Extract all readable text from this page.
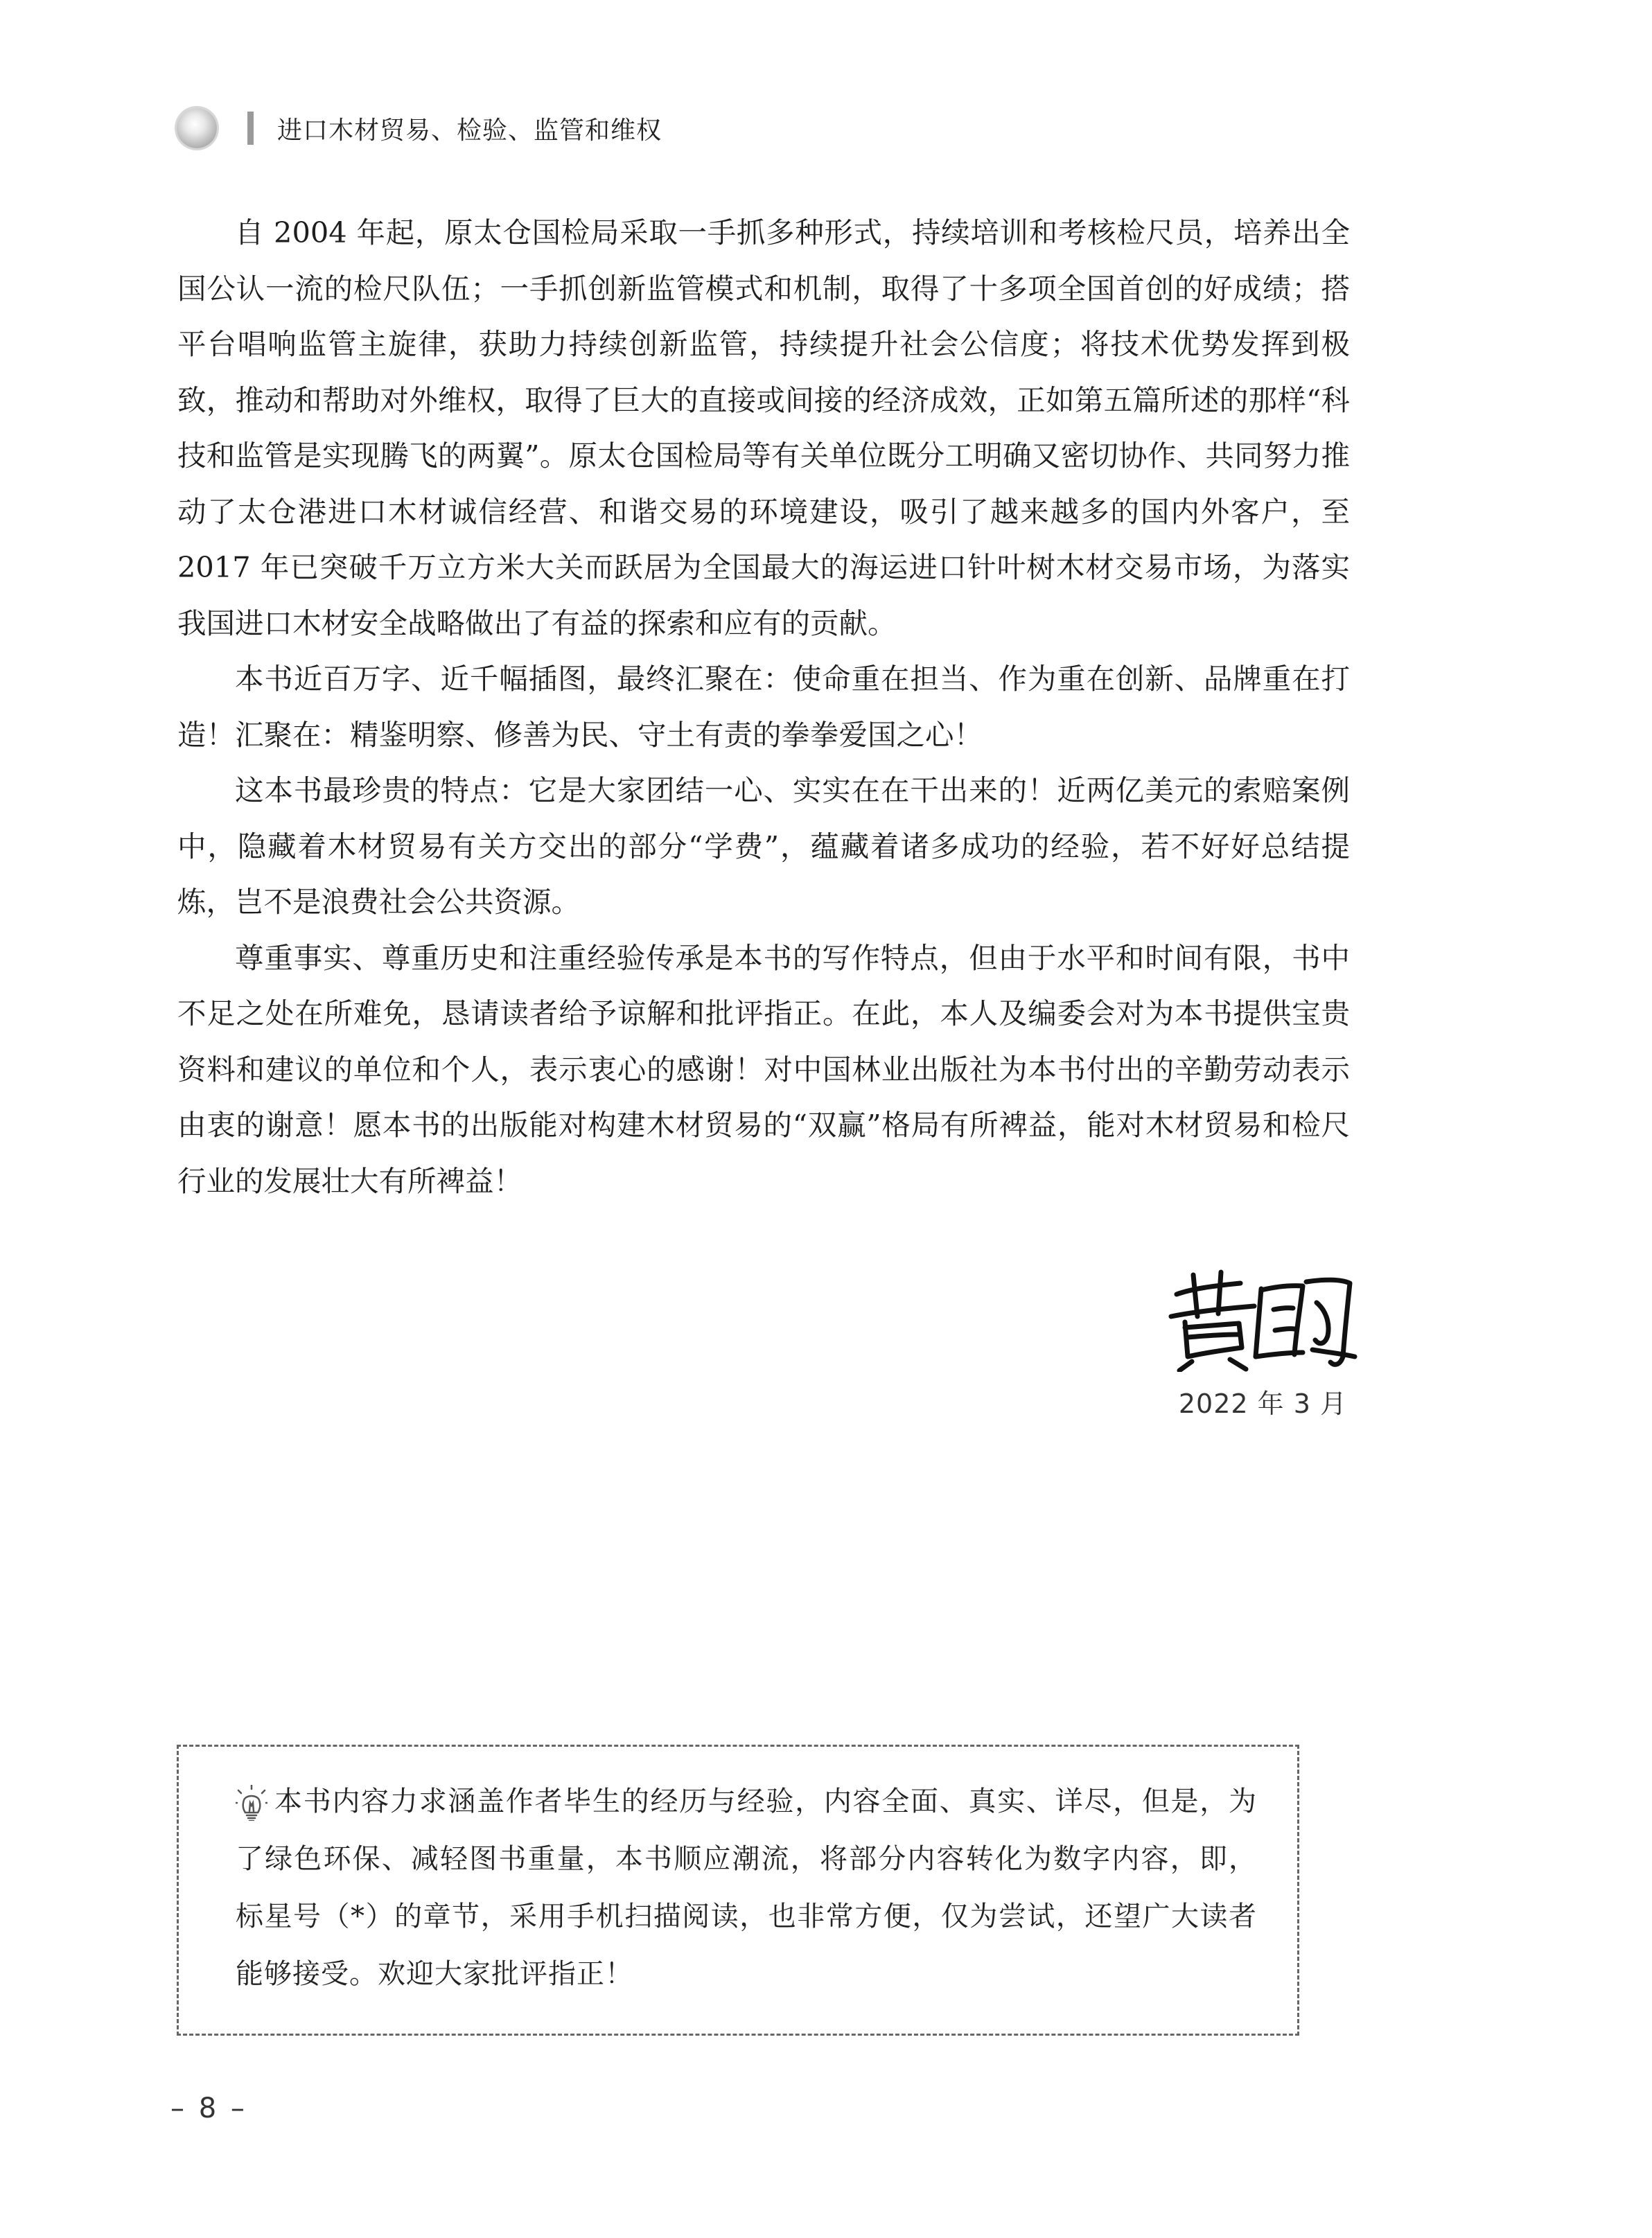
进口木材贸易、检验、监管和维权

自 2004 年起，原太仓国检局采取一手抓多种形式，持续培训和考核检尺员，培养出全国公认一流的检尺队伍；一手抓创新监管模式和机制，取得了十多项全国首创的好成绩；搭平台唱响监管主旋律，获助力持续创新监管，持续提升社会公信度；将技术优势发挥到极致，推动和帮助对外维权，取得了巨大的直接或间接的经济成效，正如第五篇所述的那样“科技和监管是实现腾飞的两翼”。原太仓国检局等有关单位既分工明确又密切协作、共同努力推动了太仓港进口木材诚信经营、和谐交易的环境建设，吸引了越来越多的国内外客户，至 2017 年已突破千万立方米大关而跃居为全国最大的海运进口针叶树木材交易市场，为落实我国进口木材安全战略做出了有益的探索和应有的贡献。

本书近百万字、近千幅插图，最终汇聚在：使命重在担当、作为重在创新、品牌重在打造！汇聚在：精鉴明察、修善为民、守土有责的拳拳爱国之心！

这本书最珍贵的特点：它是大家团结一心、实实在在干出来的！近两亿美元的索赔案例中，隐藏着木材贸易有关方交出的部分“学费”，蕴藏着诸多成功的经验，若不好好总结提炼，岂不是浪费社会公共资源。

尊重事实、尊重历史和注重经验传承是本书的写作特点，但由于水平和时间有限，书中不足之处在所难免，恳请读者给予谅解和批评指正。在此，本人及编委会对为本书提供宝贵资料和建议的单位和个人，表示衷心的感谢！对中国林业出版社为本书付出的辛勤劳动表示由衷的谢意！愿本书的出版能对构建木材贸易的“双赢”格局有所裨益，能对木材贸易和检尺行业的发展壮大有所裨益！

2022 年 3 月

本书内容力求涵盖作者毕生的经历与经验，内容全面、真实、详尽，但是，为了绿色环保、减轻图书重量，本书顺应潮流，将部分内容转化为数字内容，即，标星号（*）的章节，采用手机扫描阅读，也非常方便，仅为尝试，还望广大读者能够接受。欢迎大家批评指正！

– 8 –
